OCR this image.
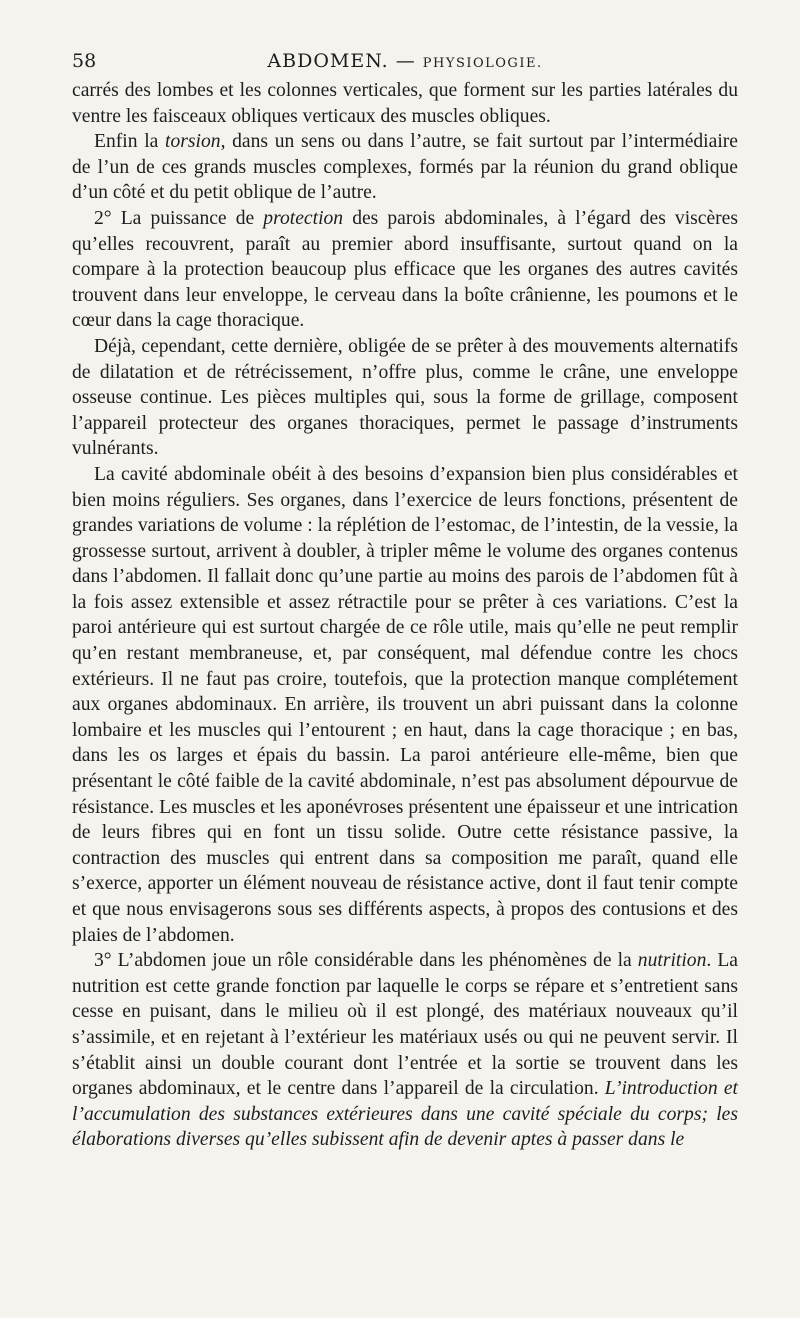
58	ABDOMEN. — PHYSIOLOGIE.

carrés des lombes et les colonnes verticales, que forment sur les parties latérales du ventre les faisceaux obliques verticaux des muscles obliques.

Enfin la torsion, dans un sens ou dans l’autre, se fait surtout par l’intermédiaire de l’un de ces grands muscles complexes, formés par la réunion du grand oblique d’un côté et du petit oblique de l’autre.

2° La puissance de protection des parois abdominales, à l’égard des viscères qu’elles recouvrent, paraît au premier abord insuffisante, surtout quand on la compare à la protection beaucoup plus efficace que les organes des autres cavités trouvent dans leur enveloppe, le cerveau dans la boîte crânienne, les poumons et le cœur dans la cage thoracique.

Déjà, cependant, cette dernière, obligée de se prêter à des mouvements alternatifs de dilatation et de rétrécissement, n’offre plus, comme le crâne, une enveloppe osseuse continue. Les pièces multiples qui, sous la forme de grillage, composent l’appareil protecteur des organes thoraciques, permet le passage d’instruments vulnérants.

La cavité abdominale obéit à des besoins d’expansion bien plus considérables et bien moins réguliers. Ses organes, dans l’exercice de leurs fonctions, présentent de grandes variations de volume : la réplétion de l’estomac, de l’intestin, de la vessie, la grossesse surtout, arrivent à doubler, à tripler même le volume des organes contenus dans l’abdomen. Il fallait donc qu’une partie au moins des parois de l’abdomen fût à la fois assez extensible et assez rétractile pour se prêter à ces variations. C’est la paroi antérieure qui est surtout chargée de ce rôle utile, mais qu’elle ne peut remplir qu’en restant membraneuse, et, par conséquent, mal défendue contre les chocs extérieurs. Il ne faut pas croire, toutefois, que la protection manque complétement aux organes abdominaux. En arrière, ils trouvent un abri puissant dans la colonne lombaire et les muscles qui l’entourent ; en haut, dans la cage thoracique ; en bas, dans les os larges et épais du bassin. La paroi antérieure elle-même, bien que présentant le côté faible de la cavité abdominale, n’est pas absolument dépourvue de résistance. Les muscles et les aponévroses présentent une épaisseur et une intrication de leurs fibres qui en font un tissu solide. Outre cette résistance passive, la contraction des muscles qui entrent dans sa composition me paraît, quand elle s’exerce, apporter un élément nouveau de résistance active, dont il faut tenir compte et que nous envisagerons sous ses différents aspects, à propos des contusions et des plaies de l’abdomen.

3° L’abdomen joue un rôle considérable dans les phénomènes de la nutrition. La nutrition est cette grande fonction par laquelle le corps se répare et s’entretient sans cesse en puisant, dans le milieu où il est plongé, des matériaux nouveaux qu’il s’assimile, et en rejetant à l’extérieur les matériaux usés ou qui ne peuvent servir. Il s’établit ainsi un double courant dont l’entrée et la sortie se trouvent dans les organes abdominaux, et le centre dans l’appareil de la circulation. L’introduction et l’accumulation des substances extérieures dans une cavité spéciale du corps; les élaborations diverses qu’elles subissent afin de devenir aptes à passer dans le
